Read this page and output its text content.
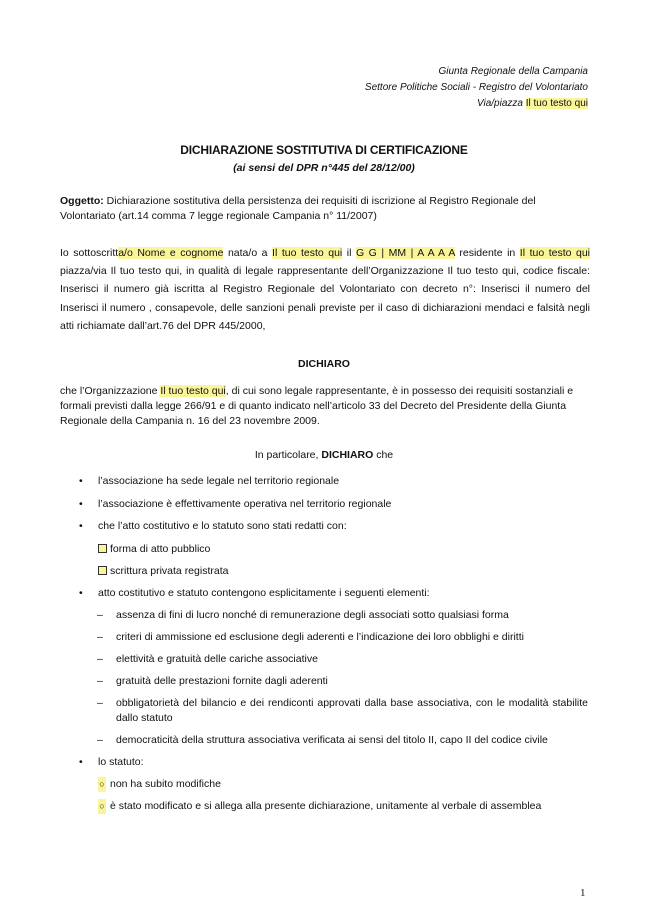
Giunta Regionale della Campania
Settore Politiche Sociali - Registro del Volontariato
Via/piazza Il tuo testo qui
DICHIARAZIONE SOSTITUTIVA DI CERTIFICAZIONE
(ai sensi del DPR n°445 del 28/12/00)
Oggetto: Dichiarazione sostitutiva della persistenza dei requisiti di iscrizione al Registro Regionale del Volontariato (art.14 comma 7 legge regionale Campania n° 11/2007)
Io sottoscritta/o Nome e cognome nata/o a Il tuo testo qui il G G | MM | A A A A residente in Il tuo testo qui piazza/via Il tuo testo qui, in qualità di legale rappresentante dell’Organizzazione Il tuo testo qui, codice fiscale: Inserisci il numero già iscritta al Registro Regionale del Volontariato con decreto n°: Inserisci il numero del Inserisci il numero , consapevole, delle sanzioni penali previste per il caso di dichiarazioni mendaci e falsità negli atti richiamate dall’art.76 del DPR 445/2000,
DICHIARO
che l’Organizzazione Il tuo testo qui, di cui sono legale rappresentante, è in possesso dei requisiti sostanziali e formali previsti dalla legge 266/91 e di quanto indicato nell’articolo 33 del Decreto del Presidente della Giunta Regionale della Campania n. 16 del 23 novembre 2009.
In particolare, DICHIARO che
• l’associazione ha sede legale nel territorio regionale
• l’associazione è effettivamente operativa nel territorio regionale
• che l’atto costitutivo e lo statuto sono stati redatti con:
forma di atto pubblico
scrittura privata registrata
• atto costitutivo e statuto contengono esplicitamente i seguenti elementi:
– assenza di fini di lucro nonché di remunerazione degli associati sotto qualsiasi forma
– criteri di ammissione ed esclusione degli aderenti e l’indicazione dei loro obblighi e diritti
– elettività e gratuità delle cariche associative
– gratuità delle prestazioni fornite dagli aderenti
– obbligatorietà del bilancio e dei rendiconti approvati dalla base associativa, con le modalità stabilite dallo statuto
– democraticità della struttura associativa verificata ai sensi del titolo II, capo II del codice civile
• lo statuto:
○ non ha subito modifiche
○ è stato modificato e si allega alla presente dichiarazione, unitamente al verbale di assemblea
1
